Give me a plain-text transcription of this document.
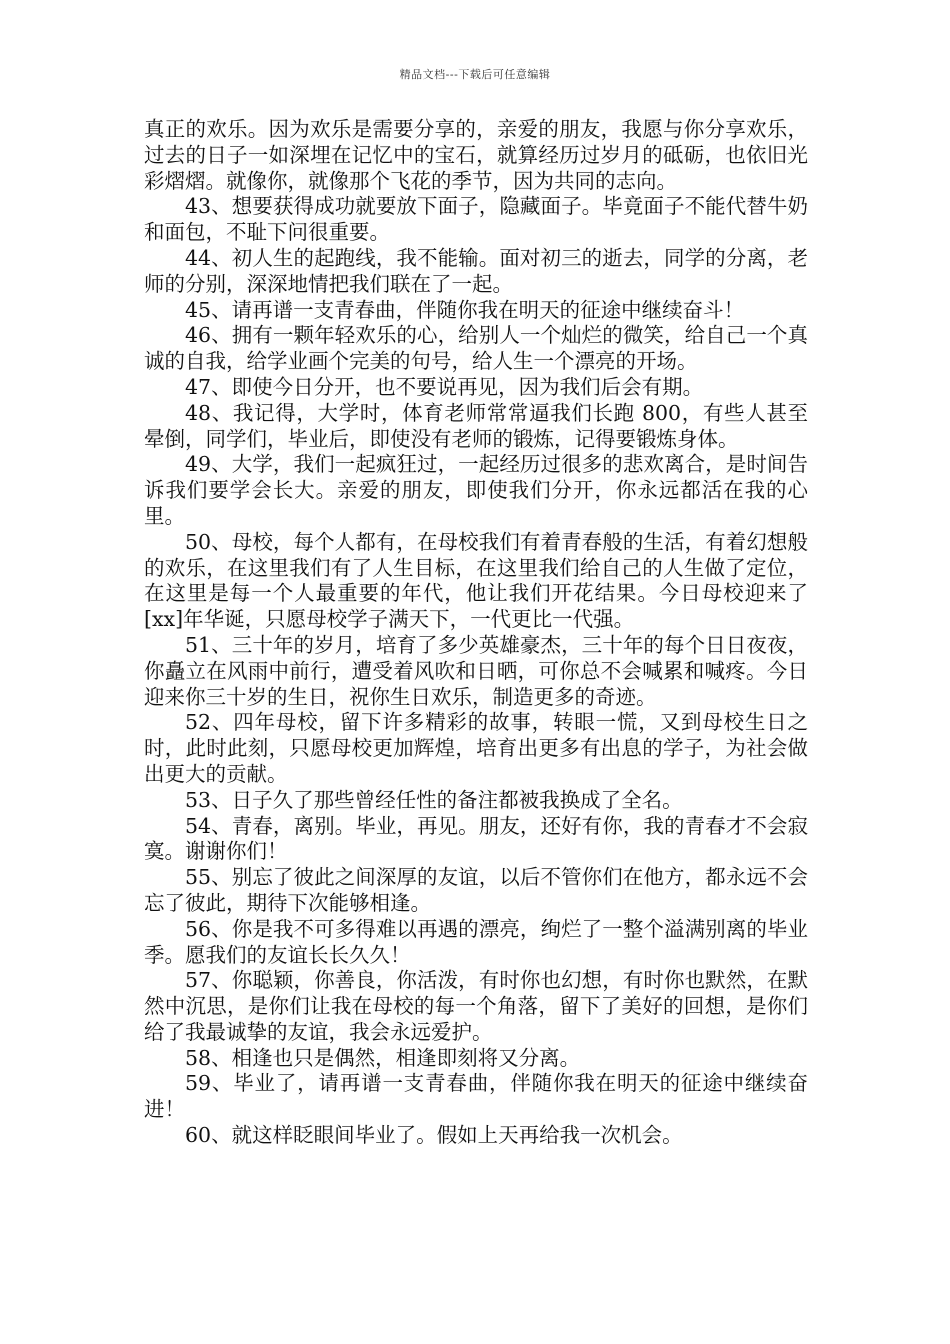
精品文档---下载后可任意编辑

真正的欢乐。因为欢乐是需要分享的，亲爱的朋友，我愿与你分享欢乐，过去的日子一如深埋在记忆中的宝石，就算经历过岁月的砥砺，也依旧光彩熠熠。就像你，就像那个飞花的季节，因为共同的志向。

43、想要获得成功就要放下面子，隐藏面子。毕竟面子不能代替牛奶和面包，不耻下问很重要。

44、初人生的起跑线，我不能输。面对初三的逝去，同学的分离，老师的分别，深深地情把我们联在了一起。

45、请再谱一支青春曲，伴随你我在明天的征途中继续奋斗！

46、拥有一颗年轻欢乐的心，给别人一个灿烂的微笑，给自己一个真诚的自我，给学业画个完美的句号，给人生一个漂亮的开场。

47、即使今日分开，也不要说再见，因为我们后会有期。

48、我记得，大学时，体育老师常常逼我们长跑 800，有些人甚至晕倒，同学们，毕业后，即使没有老师的锻炼，记得要锻炼身体。

49、大学，我们一起疯狂过，一起经历过很多的悲欢离合，是时间告诉我们要学会长大。亲爱的朋友，即使我们分开，你永远都活在我的心里。

50、母校，每个人都有，在母校我们有着青春般的生活，有着幻想般的欢乐，在这里我们有了人生目标，在这里我们给自己的人生做了定位，在这里是每一个人最重要的年代，他让我们开花结果。今日母校迎来了[xx]年华诞，只愿母校学子满天下，一代更比一代强。

51、三十年的岁月，培育了多少英雄豪杰，三十年的每个日日夜夜，你矗立在风雨中前行，遭受着风吹和日晒，可你总不会喊累和喊疼。今日迎来你三十岁的生日，祝你生日欢乐，制造更多的奇迹。

52、四年母校，留下许多精彩的故事，转眼一慌，又到母校生日之时，此时此刻，只愿母校更加辉煌，培育出更多有出息的学子，为社会做出更大的贡献。

53、日子久了那些曾经任性的备注都被我换成了全名。

54、青春，离别。毕业，再见。朋友，还好有你，我的青春才不会寂寞。谢谢你们！

55、别忘了彼此之间深厚的友谊，以后不管你们在他方，都永远不会忘了彼此，期待下次能够相逢。

56、你是我不可多得难以再遇的漂亮，绚烂了一整个溢满别离的毕业季。愿我们的友谊长长久久！

57、你聪颖，你善良，你活泼，有时你也幻想，有时你也默然，在默然中沉思，是你们让我在母校的每一个角落，留下了美好的回想，是你们给了我最诚挚的友谊，我会永远爱护。

58、相逢也只是偶然，相逢即刻将又分离。

59、毕业了，请再谱一支青春曲，伴随你我在明天的征途中继续奋进！

60、就这样眨眼间毕业了。假如上天再给我一次机会。
